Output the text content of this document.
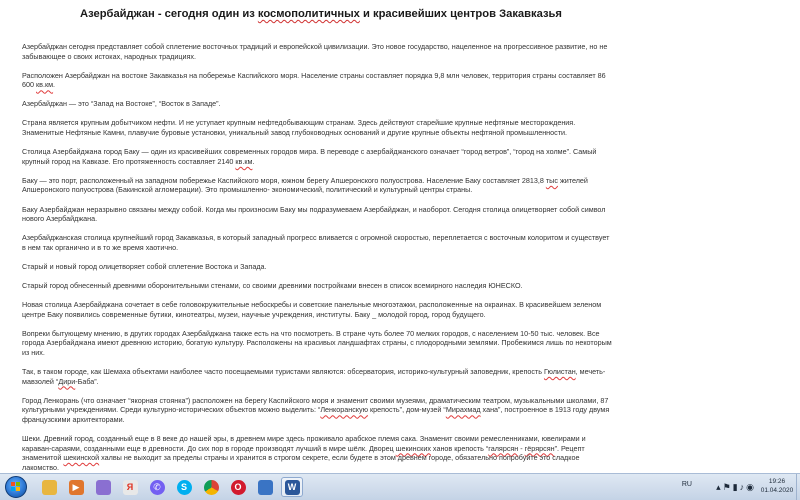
Азербайджан - сегодня один из космополитичных и красивейших центров Закавказья

Азербайджан сегодня представляет собой сплетение восточных традиций и европейской цивилизации. Это новое государство, нацеленное на прогрессивное развитие, но не забывающее о своих истоках, народных традициях.

Расположен Азербайджан на востоке Закавказья на побережье Каспийского моря. Население страны составляет порядка 9,8 млн человек, территория страны составляет 86 600 кв.км.

Азербайджан — это “Запад на Востоке”, “Восток в Западе”.

Страна является крупным добытчиком нефти. И не уступает крупным нефтедобывающим странам. Здесь действуют старейшие крупные нефтяные месторождения. Знаменитые Нефтяные Камни, плавучие буровые установки, уникальный завод глубоководных оснований и другие крупные объекты нефтяной промышленности.

Столица Азербайджана город Баку — один из красивейших современных городов мира. В переводе с азербайджанского означает “город ветров”, “город на холме”. Самый крупный город на Кавказе. Его протяженность составляет 2140 кв.км.

Баку — это порт, расположенный на западном побережье Каспийского моря, южном берегу Апшеронского полуострова. Население Баку составляет 2813,8 тыс жителей Апшеронского полуострова (Бакинской агломерации). Это промышленно- экономический, политический и культурный центры страны.

Баку Азербайджан неразрывно связаны между собой. Когда мы произносим Баку мы подразумеваем Азербайджан, и наоборот. Сегодня столица олицетворяет собой символ нового Азербайджана.

Азербайджанская столица крупнейший город Закавказья, в который западный прогресс вливается с огромной скоростью, переплетается с восточным колоритом и существует в нем так органично и в то же время хаотично.

Старый и новый город олицетворяет собой сплетение Востока и Запада.

Старый город обнесенный древними оборонительными стенами, со своими древними постройками внесен в список всемирного наследия ЮНЕСКО.

Новая столица Азербайджана сочетает в себе головокружительные небоскребы и советские панельные многоэтажки, расположенные на окраинах. В красивейшем зеленом центре Баку появились современные бутики, кинотеатры, музеи, научные учреждения, институты. Баку _ молодой город, город будущего.

Вопреки бытующему мнению, в других городах Азербайджана также есть на что посмотреть. В стране чуть более 70 мелких городов, с населением 10-50 тыс. человек. Все города Азербайджана имеют древнюю историю, богатую культуру. Расположены на красивых ландшафтах страны, с плодородными землями. Пробежимся лишь по некоторым из них.

Так, в таком городе, как Шемаха объектами наиболее часто посещаемыми туристами являются: обсерватория, историко-культурный заповедник, крепость Гюлистан, мечеть-мавзолей “Дири-Баба”.

Город Ленкорань (что означает “якорная стоянка”) расположен на берегу Каспийского моря и знаменит своими музеями, драматическим театром, музыкальными школами, 87 культурными учреждениями. Среди культурно-исторических объектов можно выделить: “Ленкоранскую крепость”, дом-музей “Мирахмад хана”, построенное в 1913 году двумя французскими архитекторами.

Шеки. Древний город, созданный еще в 8 веке до нашей эры, в древнем мире здесь проживало арабское племя сака. Знаменит своими ремесленниками, ювелирами и караван-сараями, созданными еще в древности. До сих пор в городе производят лучший в мире шёлк. Дворец шекинских ханов крепость “галярсян - гёрярсян”. Рецепт знаменитой шекинской халвы не выходит за пределы страны и хранится в строгом секрете, если будете в этом древнем городе, обязательно попробуйте это сладкое лакомство.

▶	Я	✆	S	O	W	RU	▴⚑▮♪◉
19:26
01.04.2020
